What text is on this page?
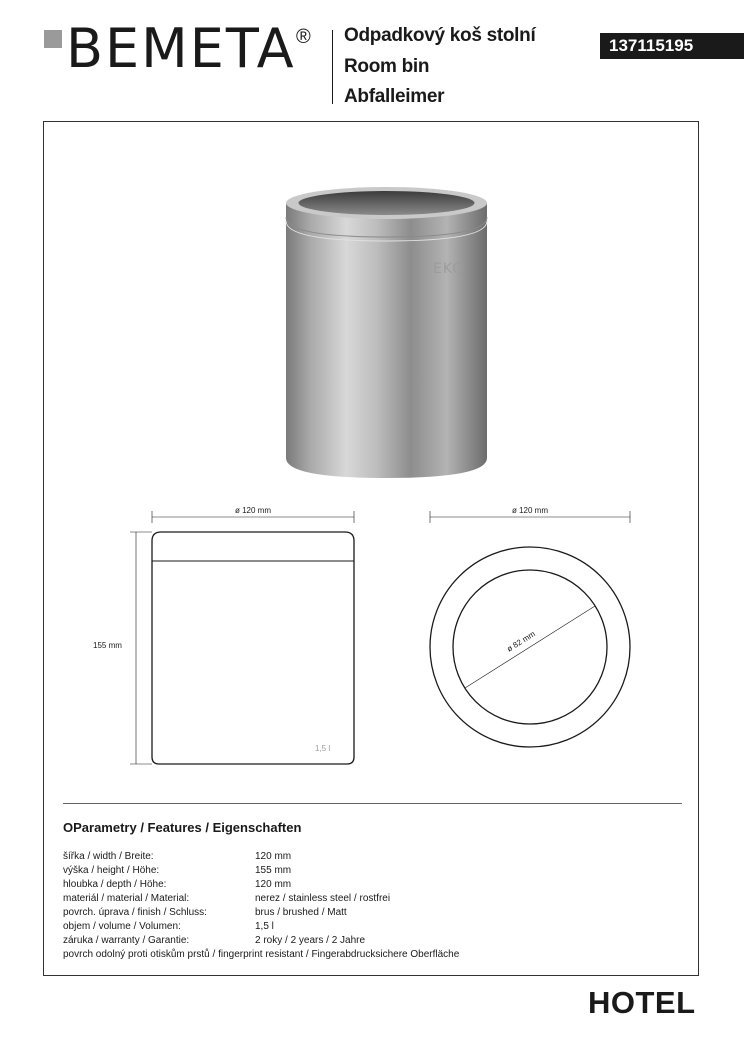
BEMETA ® Odpadkový koš stolní
Room bin
Abfalleimer
137115195
EKO
ø 120 mm
155 mm
1,5 l
ø 120 mm
ø 82 mm
OParametry / Features / Eigenschaften
šířka / width / Breite:	120 mm
výška / height / Höhe:	155 mm
hloubka / depth / Höhe:	120 mm
materiál / material / Material:	nerez / stainless steel / rostfrei
povrch. úprava / finish / Schluss:	brus / brushed / Matt
objem / volume / Volumen:	1,5 l
záruka / warranty / Garantie:	2 roky / 2 years / 2 Jahre
povrch odolný proti otiskům prstů / fingerprint resistant / Fingerabdrucksichere Oberfläche
HOTEL
